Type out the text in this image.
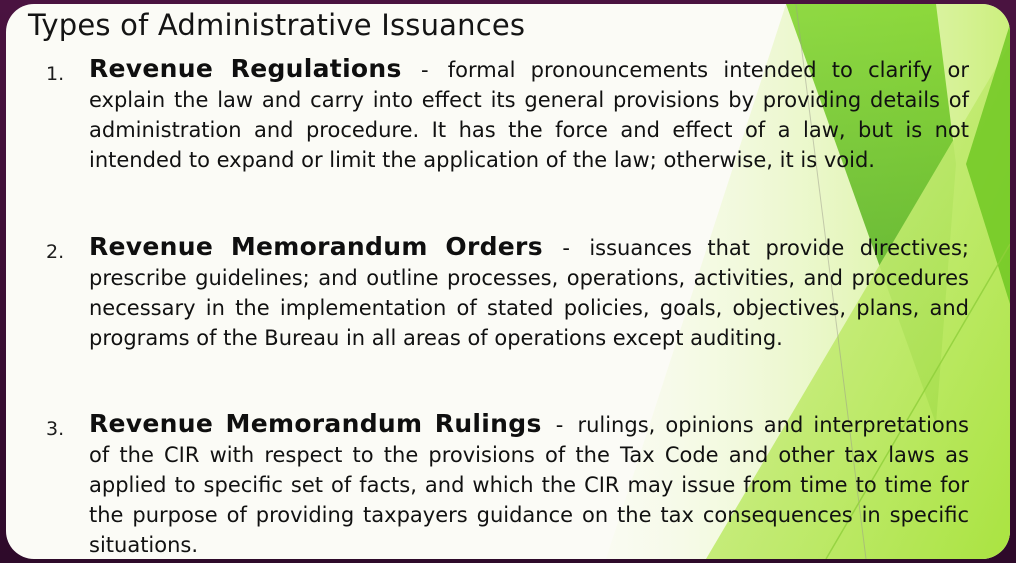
Types of Administrative Issuances
1. Revenue Regulations - formal pronouncements intended to clarify or explain the law and carry into effect its general provisions by providing details of administration and procedure. It has the force and effect of a law, but is not intended to expand or limit the application of the law; otherwise, it is void.
2. Revenue Memorandum Orders - issuances that provide directives; prescribe guidelines; and outline processes, operations, activities, and procedures necessary in the implementation of stated policies, goals, objectives, plans, and programs of the Bureau in all areas of operations except auditing.
3. Revenue Memorandum Rulings - rulings, opinions and interpretations of the CIR with respect to the provisions of the Tax Code and other tax laws as applied to specific set of facts, and which the CIR may issue from time to time for the purpose of providing taxpayers guidance on the tax consequences in specific situations.
